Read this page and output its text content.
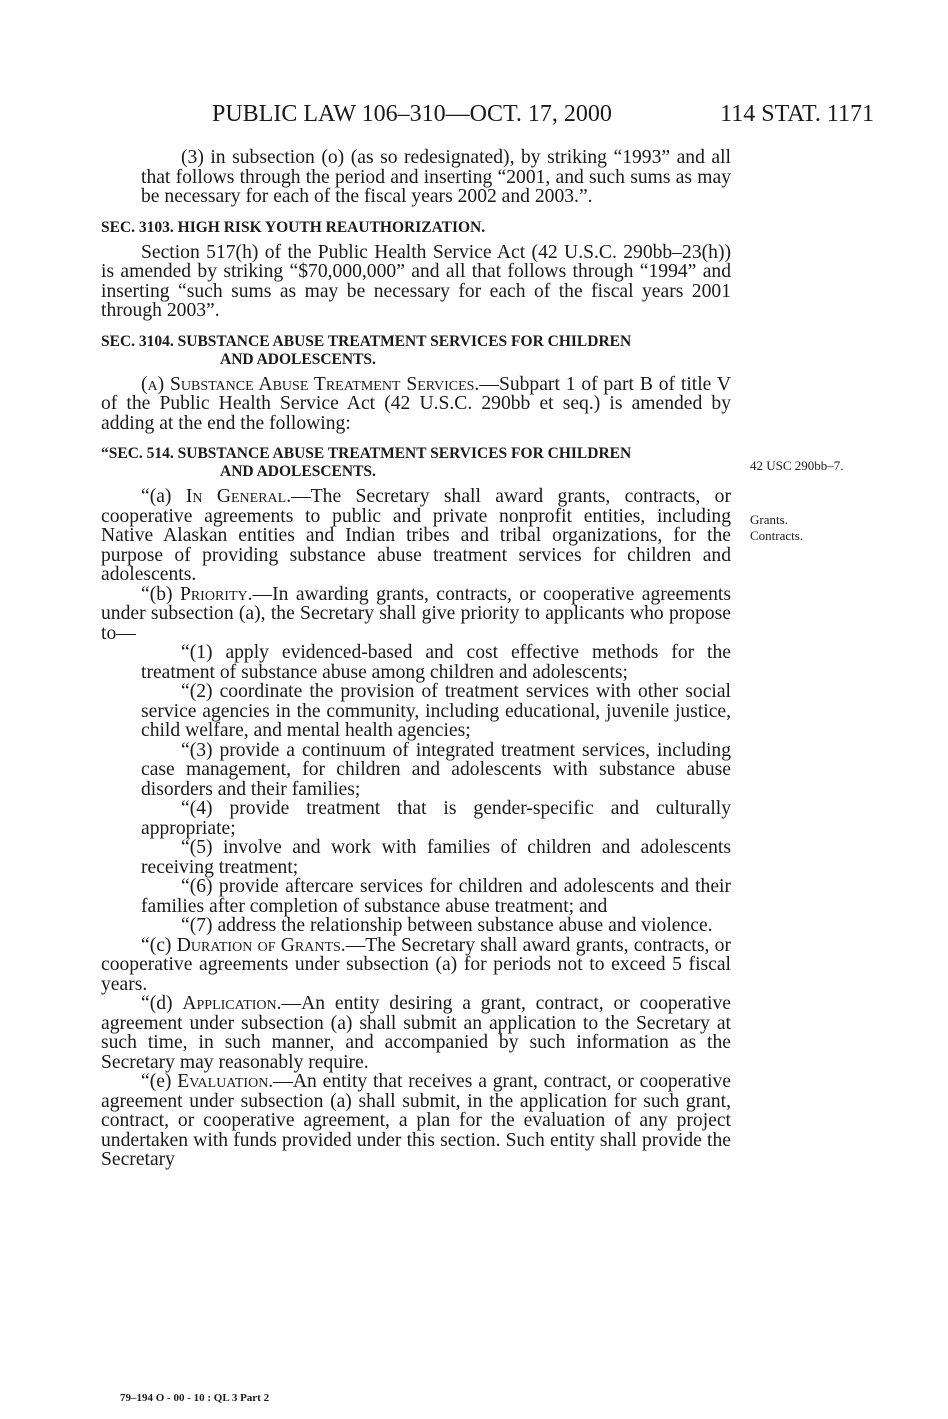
PUBLIC LAW 106–310—OCT. 17, 2000	114 STAT. 1171
42 USC 290bb–7.
Grants.
Contracts.

(3) in subsection (o) (as so redesignated), by striking “1993” and all that follows through the period and inserting “2001, and such sums as may be necessary for each of the fiscal years 2002 and 2003.”.

SEC. 3103. HIGH RISK YOUTH REAUTHORIZATION.

Section 517(h) of the Public Health Service Act (42 U.S.C. 290bb–23(h)) is amended by striking “$70,000,000” and all that follows through “1994” and inserting “such sums as may be necessary for each of the fiscal years 2001 through 2003”.

SEC. 3104. SUBSTANCE ABUSE TREATMENT SERVICES FOR CHILDREN
AND ADOLESCENTS.

(a) Substance Abuse Treatment Services.—Subpart 1 of part B of title V of the Public Health Service Act (42 U.S.C. 290bb et seq.) is amended by adding at the end the following:

“SEC. 514. SUBSTANCE ABUSE TREATMENT SERVICES FOR CHILDREN
AND ADOLESCENTS.

“(a) In General.—The Secretary shall award grants, contracts, or cooperative agreements to public and private nonprofit entities, including Native Alaskan entities and Indian tribes and tribal organizations, for the purpose of providing substance abuse treatment services for children and adolescents.

“(b) Priority.—In awarding grants, contracts, or cooperative agreements under subsection (a), the Secretary shall give priority to applicants who propose to—

“(1) apply evidenced-based and cost effective methods for the treatment of substance abuse among children and adolescents;

“(2) coordinate the provision of treatment services with other social service agencies in the community, including educational, juvenile justice, child welfare, and mental health agencies;

“(3) provide a continuum of integrated treatment services, including case management, for children and adolescents with substance abuse disorders and their families;

“(4) provide treatment that is gender-specific and culturally appropriate;

“(5) involve and work with families of children and adolescents receiving treatment;

“(6) provide aftercare services for children and adolescents and their families after completion of substance abuse treatment; and

“(7) address the relationship between substance abuse and violence.

“(c) Duration of Grants.—The Secretary shall award grants, contracts, or cooperative agreements under subsection (a) for periods not to exceed 5 fiscal years.

“(d) Application.—An entity desiring a grant, contract, or cooperative agreement under subsection (a) shall submit an application to the Secretary at such time, in such manner, and accompanied by such information as the Secretary may reasonably require.

“(e) Evaluation.—An entity that receives a grant, contract, or cooperative agreement under subsection (a) shall submit, in the application for such grant, contract, or cooperative agreement, a plan for the evaluation of any project undertaken with funds provided under this section. Such entity shall provide the Secretary

79–194 O - 00 - 10 : QL 3 Part 2
